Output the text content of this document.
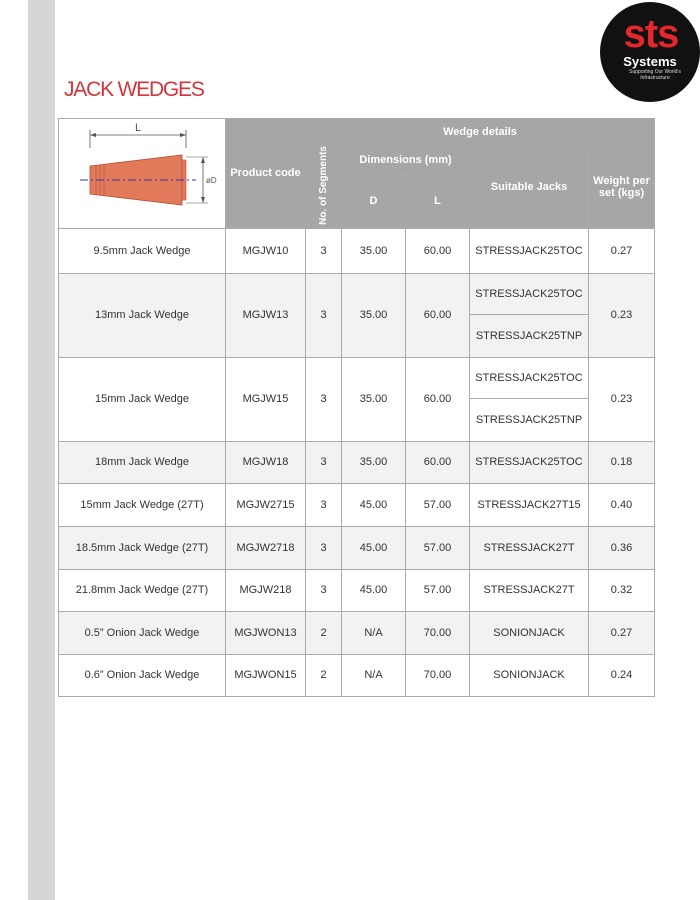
sts
Systems
Supporting Our World's Infrastructure
JACK WEDGES
L
øD	Product code	Wedge details				
		No. of Segments	Dimensions (mm)		Suitable Jacks	Weight per set (kgs)
			D	L		
9.5mm Jack Wedge	MGJW10	3	35.00	60.00	STRESSJACK25TOC	0.27
13mm Jack Wedge	MGJW13	3	35.00	60.00	STRESSJACK25TOC	0.23
					STRESSJACK25TNP	
15mm Jack Wedge	MGJW15	3	35.00	60.00	STRESSJACK25TOC	0.23
					STRESSJACK25TNP	
18mm Jack Wedge	MGJW18	3	35.00	60.00	STRESSJACK25TOC	0.18
15mm Jack Wedge (27T)	MGJW2715	3	45.00	57.00	STRESSJACK27T15	0.40
18.5mm Jack Wedge (27T)	MGJW2718	3	45.00	57.00	STRESSJACK27T	0.36
21.8mm Jack Wedge (27T)	MGJW218	3	45.00	57.00	STRESSJACK27T	0.32
0.5” Onion Jack Wedge	MGJWON13	2	N/A	70.00	SONIONJACK	0.27
0.6” Onion Jack Wedge	MGJWON15	2	N/A	70.00	SONIONJACK	0.24
